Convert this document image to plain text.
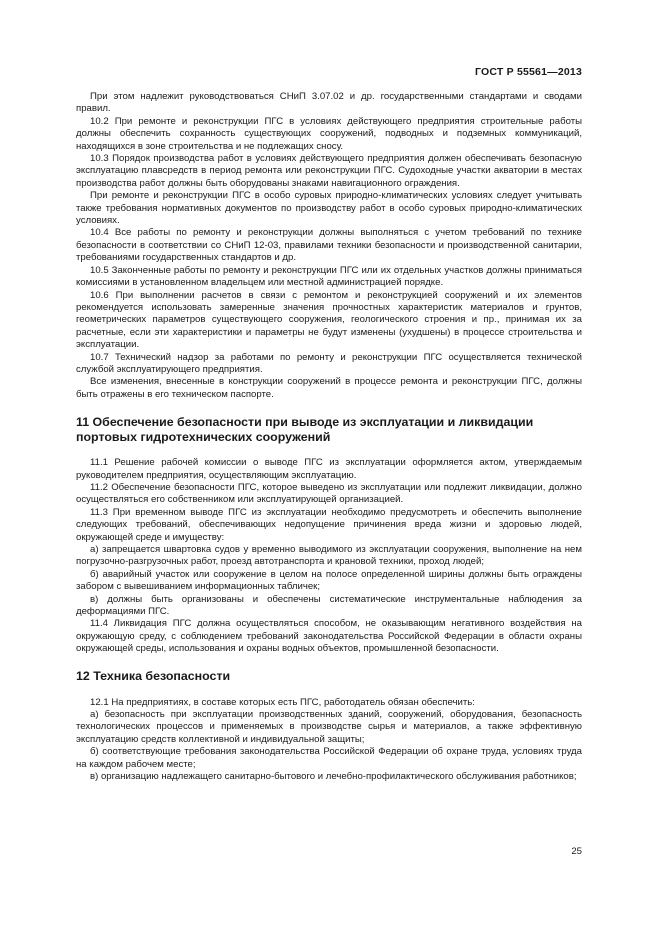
ГОСТ Р 55561—2013

При этом надлежит руководствоваться СНиП 3.07.02 и др. государственными стандартами и сводами правил.

10.2 При ремонте и реконструкции ПГС в условиях действующего предприятия строительные работы должны обеспечить сохранность существующих сооружений, подводных и подземных коммуникаций, находящихся в зоне строительства и не подлежащих сносу.

10.3 Порядок производства работ в условиях действующего предприятия должен обеспечивать безопасную эксплуатацию плавсредств в период ремонта или реконструкции ПГС. Судоходные участки акватории в местах производства работ должны быть оборудованы знаками навигационного ограждения.

При ремонте и реконструкции ПГС в особо суровых природно-климатических условиях следует учитывать также требования нормативных документов по производству работ в особо суровых природно-климатических условиях.

10.4 Все работы по ремонту и реконструкции должны выполняться с учетом требований по технике безопасности в соответствии со СНиП 12-03, правилами техники безопасности и производственной санитарии, требованиями государственных стандартов и др.

10.5 Законченные работы по ремонту и реконструкции ПГС или их отдельных участков должны приниматься комиссиями в установленном владельцем или местной администрацией порядке.

10.6 При выполнении расчетов в связи с ремонтом и реконструкцией сооружений и их элементов рекомендуется использовать замеренные значения прочностных характеристик материалов и грунтов, геометрических параметров существующего сооружения, геологического строения и пр., принимая их за расчетные, если эти характеристики и параметры не будут изменены (ухудшены) в процессе строительства и эксплуатации.

10.7 Технический надзор за работами по ремонту и реконструкции ПГС осуществляется технической службой эксплуатирующего предприятия.

Все изменения, внесенные в конструкции сооружений в процессе ремонта и реконструкции ПГС, должны быть отражены в его техническом паспорте.

11 Обеспечение безопасности при выводе из эксплуатации и ликвидации портовых гидротехнических сооружений

11.1 Решение рабочей комиссии о выводе ПГС из эксплуатации оформляется актом, утверждаемым руководителем предприятия, осуществляющим эксплуатацию.

11.2 Обеспечение безопасности ПГС, которое выведено из эксплуатации или подлежит ликвидации, должно осуществляться его собственником или эксплуатирующей организацией.

11.3 При временном выводе ПГС из эксплуатации необходимо предусмотреть и обеспечить выполнение следующих требований, обеспечивающих недопущение причинения вреда жизни и здоровью людей, окружающей среде и имуществу:

а) запрещается швартовка судов у временно выводимого из эксплуатации сооружения, выполнение на нем погрузочно-разгрузочных работ, проезд автотранспорта и крановой техники, проход людей;

б) аварийный участок или сооружение в целом на полосе определенной ширины должны быть ограждены забором с вывешиванием информационных табличек;

в) должны быть организованы и обеспечены систематические инструментальные наблюдения за деформациями ПГС.

11.4 Ликвидация ПГС должна осуществляться способом, не оказывающим негативного воздействия на окружающую среду, с соблюдением требований законодательства Российской Федерации в области охраны окружающей среды, использования и охраны водных объектов, промышленной безопасности.

12 Техника безопасности

12.1 На предприятиях, в составе которых есть ПГС, работодатель обязан обеспечить:

а) безопасность при эксплуатации производственных зданий, сооружений, оборудования, безопасность технологических процессов и применяемых в производстве сырья и материалов, а также эффективную эксплуатацию средств коллективной и индивидуальной защиты;

б) соответствующие требования законодательства Российской Федерации об охране труда, условиях труда на каждом рабочем месте;

в) организацию надлежащего санитарно-бытового и лечебно-профилактического обслуживания работников;

25
